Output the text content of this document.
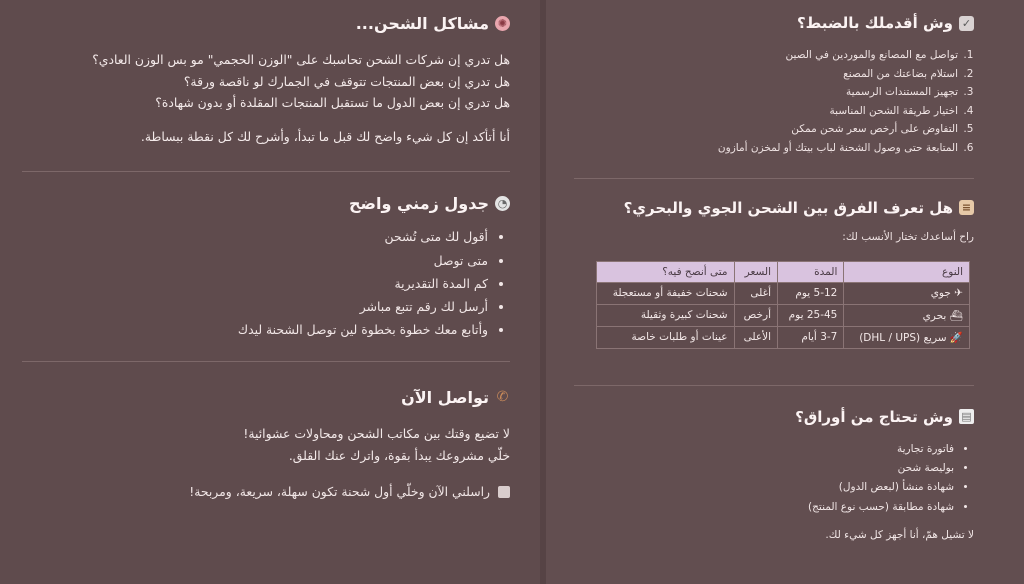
✓
وش أقدملك بالضبط؟
1. تواصل مع المصانع والموردين في الصين
2. استلام بضاعتك من المصنع
3. تجهيز المستندات الرسمية
4. اختيار طريقة الشحن المناسبة
5. التفاوض على أرخص سعر شحن ممكن
6. المتابعة حتى وصول الشحنة لباب بيتك أو لمخزن أمازون
≡
هل تعرف الفرق بين الشحن الجوي والبحري؟

راح أساعدك تختار الأنسب لك:

النوع	المدة	السعر	متى أنصح فيه؟
✈ جوي	5-12 يوم	أغلى	شحنات خفيفة أو مستعجلة
⛴ بحري	25-45 يوم	أرخص	شحنات كبيرة وثقيلة
🚀 سريع (DHL / UPS)	3-7 أيام	الأعلى	عينات أو طلبات خاصة
▤
وش تحتاج من أوراق؟
• فاتورة تجارية
• بوليصة شحن
• شهادة منشأ (لبعض الدول)
• شهادة مطابقة (حسب نوع المنتج)

لا تشيل همّ، أنا أجهز كل شيء لك.

✺
مشاكل الشحن...

هل تدري إن شركات الشحن تحاسبك على "الوزن الحجمي" مو بس الوزن العادي؟
هل تدري إن بعض المنتجات تتوقف في الجمارك لو ناقصة ورقة؟
هل تدري إن بعض الدول ما تستقبل المنتجات المقلدة أو بدون شهادة؟

أنا أتأكد إن كل شيء واضح لك قبل ما تبدأ، وأشرح لك كل نقطة ببساطة.

◔
جدول زمني واضح
• أقول لك متى تُشحن
• متى توصل
• كم المدة التقديرية
• أرسل لك رقم تتبع مباشر
• وأتابع معك خطوة بخطوة لين توصل الشحنة ليدك
✆
تواصل الآن

لا تضيع وقتك بين مكاتب الشحن ومحاولات عشوائية!
خلّي مشروعك يبدأ بقوة، واترك عنك القلق.

راسلني الآن وخلّي أول شحنة تكون سهلة، سريعة، ومربحة!
